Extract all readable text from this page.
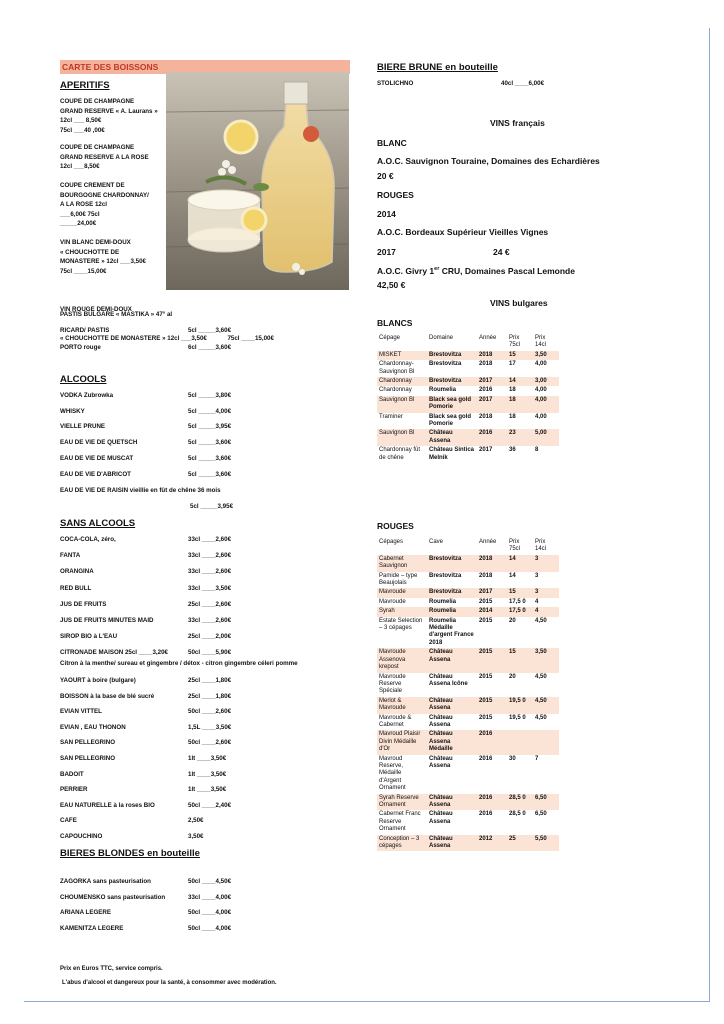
CARTE DES BOISSONS
APERITIFS
COUPE DE CHAMPAGNE
GRAND RESERVE « A. Laurans »
12cl ___ 8,50€
75cl ___40 ,00€
COUPE DE CHAMPAGNE
GRAND RESERVE A LA ROSE
12cl ___8,50€
COUPE CREMENT DE
BOURGOGNE CHARDONNAY/
A LA ROSE 12cl
___6,00€ 75cl
_____24,00€
VIN BLANC DEMI-DOUX
« CHOUCHOTTE DE
MONASTERE » 12cl ___3,50€
75cl ____15,00€

VIN ROUGE DEMI-DOUX

« CHOUCHOTTE DE MONASTERE » 12cl ___3,50€            75cl ____15,00€

PASTIS BULGARE « MASTIKA » 47° al
RICARD/ PASTIS	5cl _____3,60€
PORTO rouge	6cl _____3,60€
ALCOOLS
EAU DE VIE DE RAISIN vieillie en fût de chêne 36 mois
5cl _____3,95€
SANS ALCOOLS
Citron à la menthe/ sureau et gingembre / détox - citron gingembre céleri pomme
BIERES BLONDES en bouteille
Prix en Euros TTC, service compris.
L'abus d'alcool et dangereux pour la santé, à consommer avec modération.
BIERE BRUNE en bouteille
STOLICHNO	40cl ____6,00€
VINS français
BLANC
A.O.C. Sauvignon Touraine, Domaines des Echardières
20 €
ROUGES
2014
A.O.C. Bordeaux Supérieur Vieilles Vignes
2017	24 €
A.O.C. Givry 1er CRU, Domaines Pascal Lemonde
42,50 €
VINS bulgares
BLANCS
Cépage	Domaine	Année	Prix 75cl	Prix 14cl
MISKET	Brestovitza	2018	15	3,50
Chardonnay-Sauvignon Bl	Brestovitza	2018	17	4,00
Chardonnay	Brestovitza	2017	14	3,00
Chardonnay	Roumelia	2016	18	4,00
Sauvignon Bl	Black sea gold Pomorie	2017	18	4,00
Traminer	Black sea gold Pomorie	2018	18	4,00
Sauvignon Bl	Château Assena	2016	23	5,00
Chardonnay fût de chêne	Château Sintica Melnik	2017	36	8
ROUGES
Cépages	Cave	Année	Prix 75cl	Prix 14cl
Cabernet Sauvignon	Brestovitza	2018	14	3
Pamide – type Beaujolais	Brestovitza	2018	14	3
Mavroude	Brestovitza	2017	15	3
Mavroude	Roumelia	2015	17,5 0	4
Syrah	Roumelia	2014	17,5 0	4
Estate Selection – 3 cépages	Roumelia Médaille d'argent France 2018	2015	20	4,50
Mavroude Assenova krepost	Château Assena	2015	15	3,50
Mavroude Reserve Spéciale	Château Assena Icône	2015	20	4,50
Merlot & Mavroude	Château Assena	2015	19,5 0	4,50
Mavroude & Cabernet	Château Assena	2015	19,5 0	4,50
Mavroud Plaisir Divin Médaille d'Or	Château Assena Médaille	2016		
Mavroud Reserve, Médaille d'Argent Ornament	Château Assena	2016	30	7
Syrah Reserve Ornament	Château Assena	2016	28,5 0	6,50
Cabernet Franc Reserve Ornament	Château Assena	2016	28,5 0	6,50
Conception – 3 cépages	Château Assena	2012	25	5,50
VODKA Zubrowka	5cl _____3,80€
WHISKY	5cl _____4,00€
VIELLE PRUNE	5cl _____3,95€
EAU DE VIE DE QUETSCH	5cl _____3,60€
EAU DE VIE DE MUSCAT	5cl _____3,60€
EAU DE VIE D'ABRICOT	5cl _____3,60€
COCA-COLA, zéro,	33cl ____2,60€
FANTA	33cl ____2,60€
ORANGINA	33cl ____2,60€
RED BULL	33cl ____3,50€
JUS DE FRUITS	25cl ____2,60€
JUS DE FRUITS MINUTES MAID	33cl ____2,60€
SIROP BIO à L'EAU	25cl ____2,00€
CITRONADE MAISON 25cl ____3,20€	50cl ____5,90€
YAOURT à boire (bulgare)	25cl ____1,80€
BOISSON à la base de blé sucré	25cl ____1,80€
EVIAN VITTEL	50cl ____2,60€
EVIAN , EAU THONON	1,5L ____3,50€
SAN PELLEGRINO	50cl ____2,60€
SAN PELLEGRINO	1lt ____3,50€
BADOIT	1lt ____3,50€
PERRIER	1lt ____3,50€
EAU NATURELLE à la roses BIO	50cl ____2,40€
CAFE	2,50€
CAPOUCHINO	3,50€
ZAGORKA sans pasteurisation	50cl ____4,50€
CHOUMENSKO sans pasteurisation	33cl ____4,00€
ARIANA LEGERE	50cl ____4,00€
KAMENITZA LEGERE	50cl ____4,00€
